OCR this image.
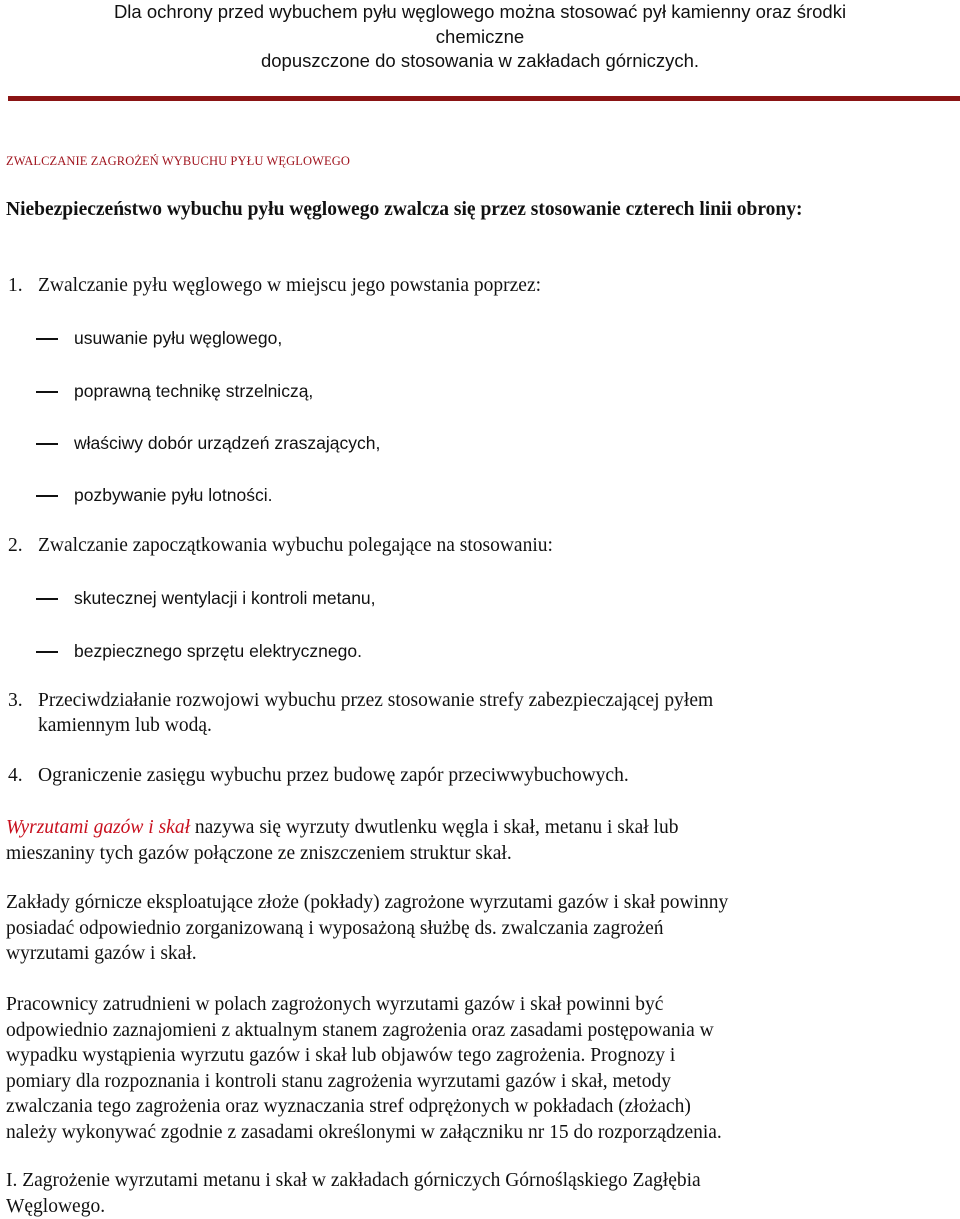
Dla ochrony przed wybuchem pyłu węglowego można stosować pył kamienny oraz środki
chemiczne
dopuszczone do stosowania w zakładach górniczych.
ZWALCZANIE ZAGROŻEŃ WYBUCHU PYŁU WĘGLOWEGO
Niebezpieczeństwo wybuchu pyłu węglowego zwalcza się przez stosowanie czterech linii obrony:
1. Zwalczanie pyłu węglowego w miejscu jego powstania poprzez:
usuwanie pyłu węglowego,
poprawną technikę strzelniczą,
właściwy dobór urządzeń zraszających,
pozbywanie pyłu lotności.
2. Zwalczanie zapoczątkowania wybuchu polegające na stosowaniu:
skutecznej wentylacji i kontroli metanu,
bezpiecznego sprzętu elektrycznego.
3. Przeciwdziałanie rozwojowi wybuchu przez stosowanie strefy zabezpieczającej pyłem
kamiennym lub wodą.
4. Ograniczenie zasięgu wybuchu przez budowę zapór przeciwwybuchowych.
Wyrzutami gazów i skał nazywa się wyrzuty dwutlenku węgla i skał, metanu i skał lub
mieszaniny tych gazów połączone ze zniszczeniem struktur skał.
Zakłady górnicze eksploatujące złoże (pokłady) zagrożone wyrzutami gazów i skał powinny
posiadać odpowiednio zorganizowaną i wyposażoną służbę ds. zwalczania zagrożeń
wyrzutami gazów i skał.
Pracownicy zatrudnieni w polach zagrożonych wyrzutami gazów i skał powinni być
odpowiednio zaznajomieni z aktualnym stanem zagrożenia oraz zasadami postępowania w
wypadku wystąpienia wyrzutu gazów i skał lub objawów tego zagrożenia. Prognozy i
pomiary dla rozpoznania i kontroli stanu zagrożenia wyrzutami gazów i skał, metody
zwalczania tego zagrożenia oraz wyznaczania stref odprężonych w pokładach (złożach)
należy wykonywać zgodnie z zasadami określonymi w załączniku nr 15 do rozporządzenia.
I. Zagrożenie wyrzutami metanu i skał w zakładach górniczych Górnośląskiego Zagłębia
Węglowego.
